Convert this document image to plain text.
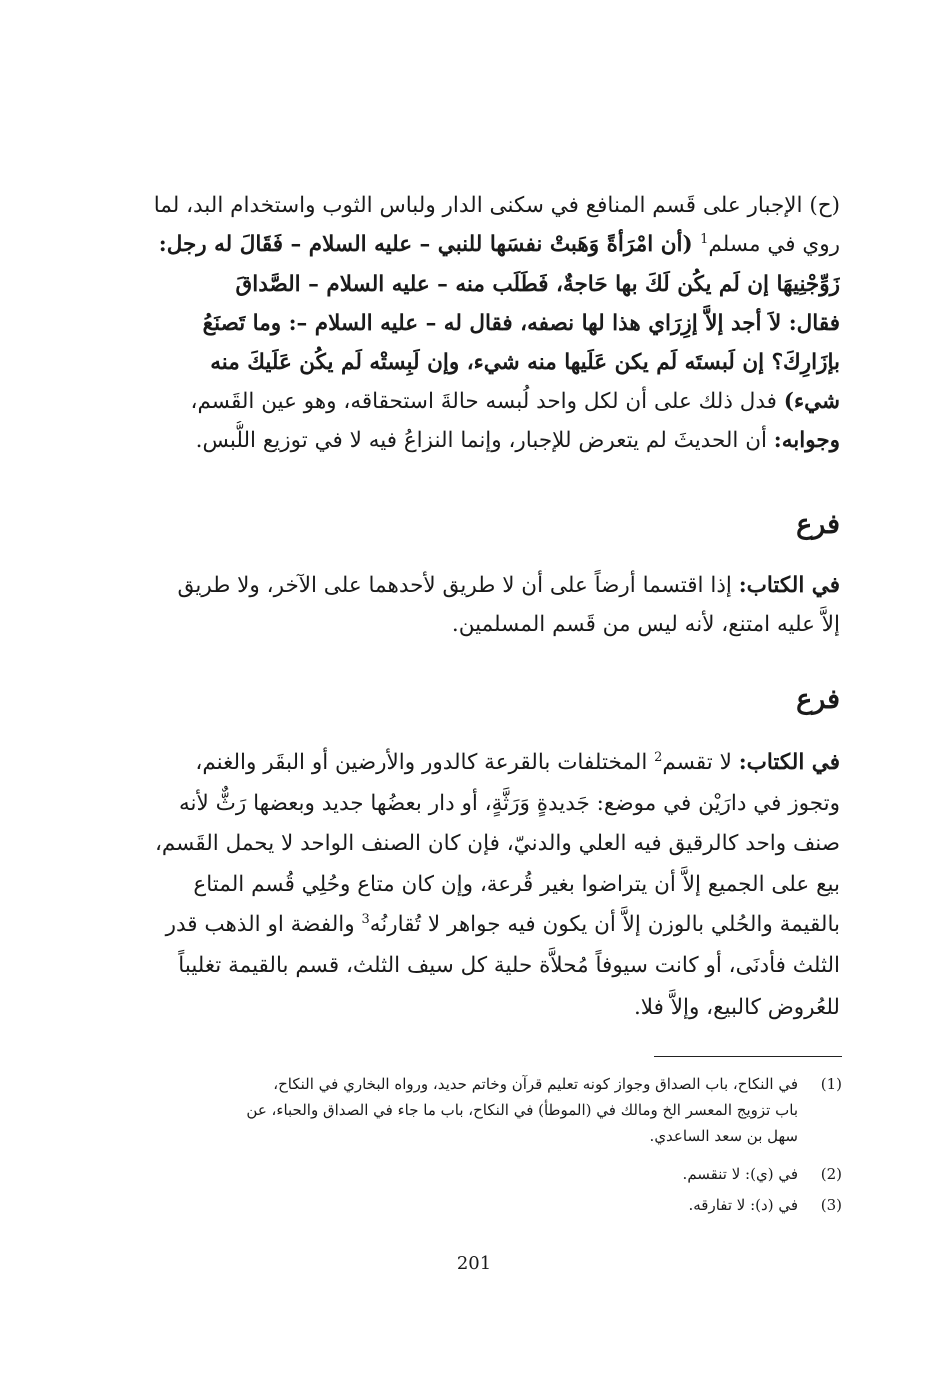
(ح) الإجبار على قَسم المنافع في سكنى الدار ولباس الثوب واستخدام البد، لما
روي في مسلم$^1$ (أن امْرَأةً وَهَبتْ نفسَها للنبي – عليه السلام – فَقَالَ له رجل:
زَوِّجْنِيهَا إن لَم يكُن لَكَ بها حَاجةٌ، فَطَلَب منه – عليه السلام – الصَّداقَ
فقال: لاَ أجد إلاَّ إزِرَاي هذا لها نصفه، فقال له – عليه السلام –: وما تَصنَعُ
بإزَارِكَ؟ إن لَبستَه لَم يكن عَلَيها منه شيء، وإن لَبِستْه لَم يكُن عَلَيكَ منه
شيء) فدل ذلك على أن لكل واحد لُبسه حالةَ استحقاقه، وهو عين القَسم،
وجوابه: أن الحديثَ لم يتعرض للإجبار، وإنما النزاعُ فيه لا في توزيع اللُّبس.
فرع
في الكتاب: إذا اقتسما أرضاً على أن لا طريق لأحدهما على الآخر، ولا طريق
إلاَّ عليه امتنع، لأنه ليس من قَسم المسلمين.
فرع
في الكتاب: لا تقسم$^2$ المختلفات بالقرعة كالدور والأرضين أو البقَر والغنم،
وتجوز في دارَيْن في موضع: جَديدةٍ وَرَثَّةٍ، أو دار بعضُها جديد وبعضها رَثٌّ لأنه
صنف واحد كالرقيق فيه العلي والدنيّ، فإن كان الصنف الواحد لا يحمل القَسم،
بيع على الجميع إلاَّ أن يتراضوا بغير قُرعة، وإن كان متاع وحُلِي قُسم المتاع
بالقيمة والحُلي بالوزن إلاَّ أن يكون فيه جواهر لا تُقارنُه$^3$ والفضة او الذهب قدر
الثلث فأدنَى، أو كانت سيوفاً مُحلاَّة حلية كل سيف الثلث، قسم بالقيمة تغليباً
للعُروض كالبيع، وإلاَّ فلا.
(1)في النكاح، باب الصداق وجواز كونه تعليم قرآن وخاتم حديد، ورواه البخاري في النكاح،
باب تزويج المعسر الخ ومالك في (الموطأ) في النكاح، باب ما جاء في الصداق والحباء، عن
سهل بن سعد الساعدي.
(2)في (ي): لا تنقسم.
(3)في (د): لا تفارقه.
201
